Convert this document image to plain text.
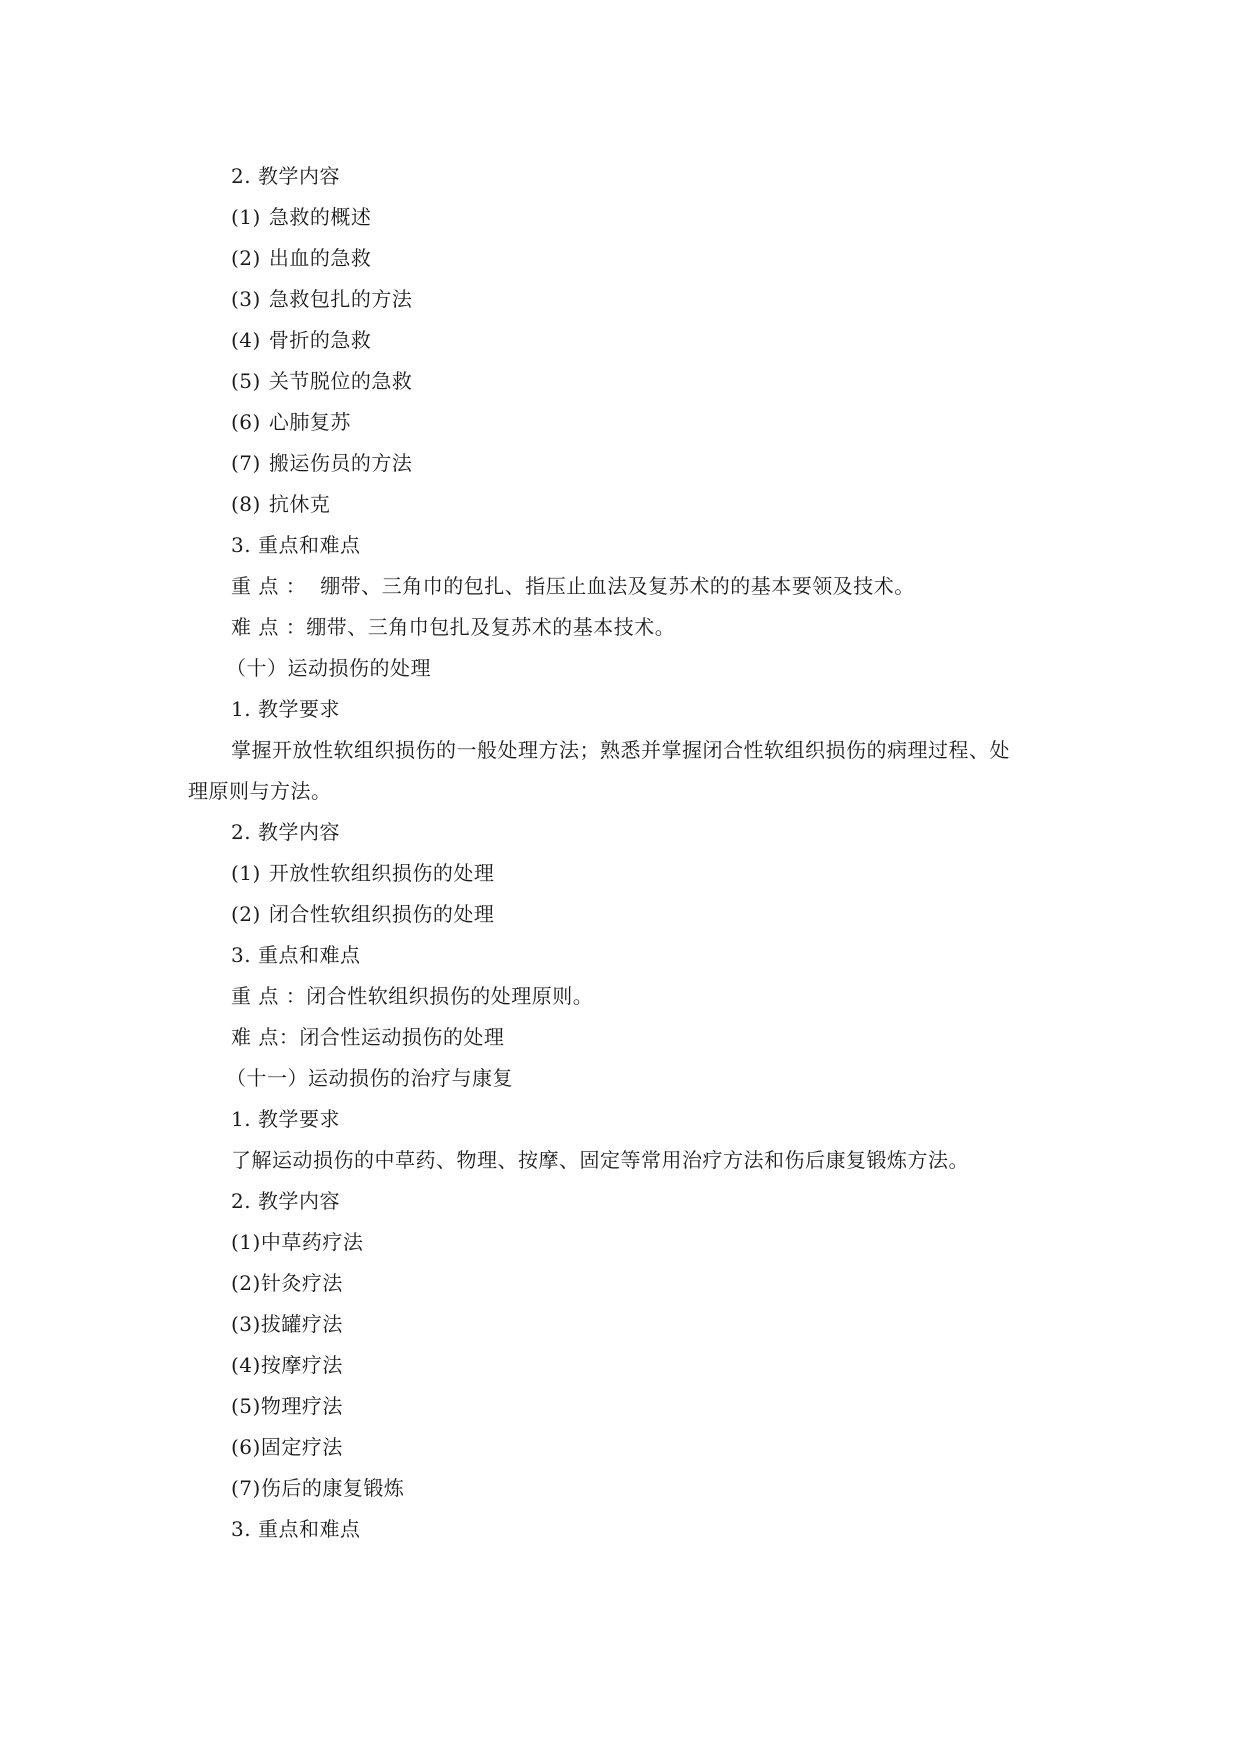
2. 教学内容
(1) 急救的概述
(2) 出血的急救
(3) 急救包扎的方法
(4) 骨折的急救
(5) 关节脱位的急救
(6) 心肺复苏
(7) 搬运伤员的方法
(8) 抗休克
3. 重点和难点
重 点 ： 绷带、三角巾的包扎、指压止血法及复苏术的的基本要领及技术。
难 点 ：绷带、三角巾包扎及复苏术的基本技术。
（十）运动损伤的处理
1. 教学要求
掌握开放性软组织损伤的一般处理方法；熟悉并掌握闭合性软组织损伤的病理过程、处
理原则与方法。
2. 教学内容
(1) 开放性软组织损伤的处理
(2) 闭合性软组织损伤的处理
3. 重点和难点
重 点 ：闭合性软组织损伤的处理原则。
难 点：闭合性运动损伤的处理
（十一）运动损伤的治疗与康复
1. 教学要求
了解运动损伤的中草药、物理、按摩、固定等常用治疗方法和伤后康复锻炼方法。
2. 教学内容
(1)中草药疗法
(2)针灸疗法
(3)拔罐疗法
(4)按摩疗法
(5)物理疗法
(6)固定疗法
(7)伤后的康复锻炼
3. 重点和难点
